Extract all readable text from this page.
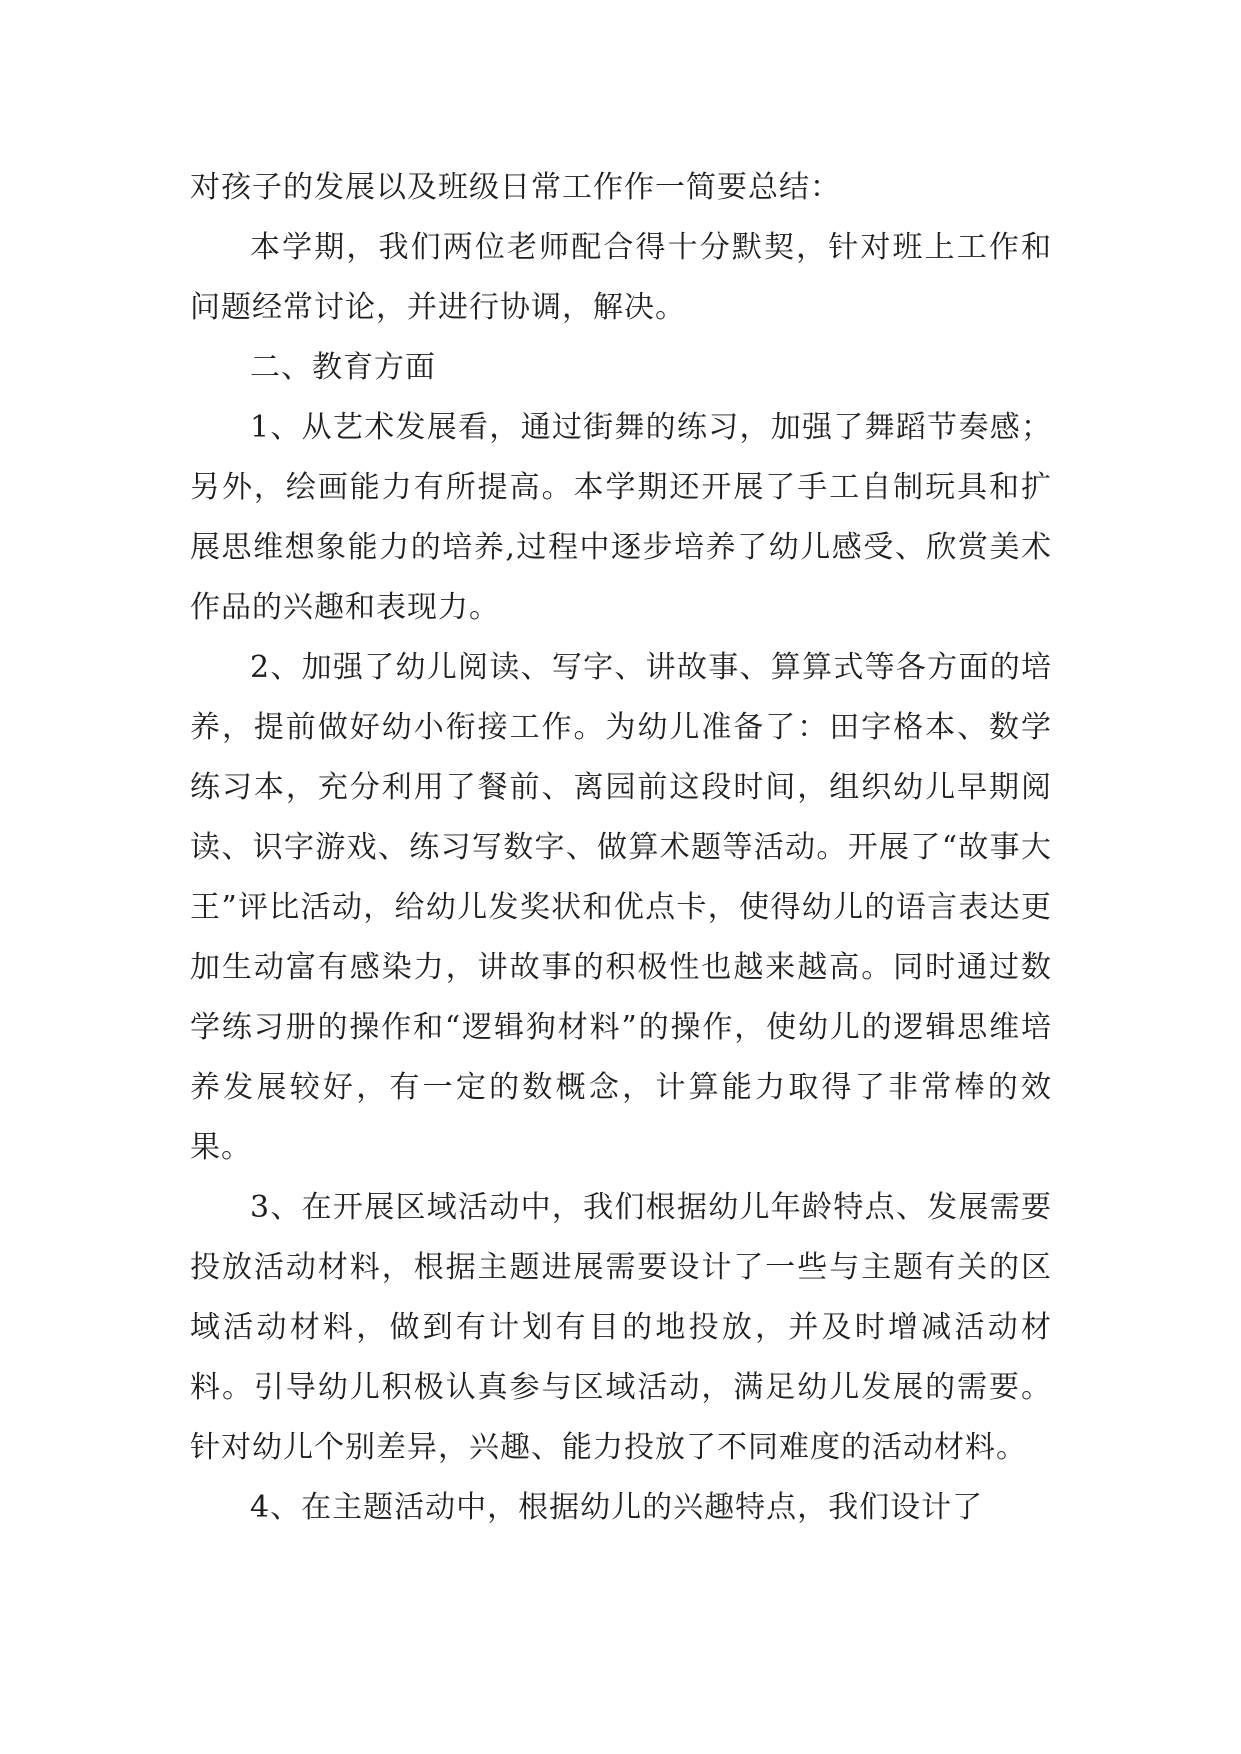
对孩子的发展以及班级日常工作作一简要总结：

本学期，我们两位老师配合得十分默契，针对班上工作和问题经常讨论，并进行协调，解决。

二、教育方面

1、从艺术发展看，通过街舞的练习，加强了舞蹈节奏感；另外，绘画能力有所提高。本学期还开展了手工自制玩具和扩展思维想象能力的培养,过程中逐步培养了幼儿感受、欣赏美术作品的兴趣和表现力。

2、加强了幼儿阅读、写字、讲故事、算算式等各方面的培养，提前做好幼小衔接工作。为幼儿准备了：田字格本、数学练习本，充分利用了餐前、离园前这段时间，组织幼儿早期阅读、识字游戏、练习写数字、做算术题等活动。开展了“故事大王”评比活动，给幼儿发奖状和优点卡，使得幼儿的语言表达更加生动富有感染力，讲故事的积极性也越来越高。同时通过数学练习册的操作和“逻辑狗材料”的操作，使幼儿的逻辑思维培养发展较好，有一定的数概念，计算能力取得了非常棒的效果。

3、在开展区域活动中，我们根据幼儿年龄特点、发展需要投放活动材料，根据主题进展需要设计了一些与主题有关的区域活动材料，做到有计划有目的地投放，并及时增减活动材料。引导幼儿积极认真参与区域活动，满足幼儿发展的需要。针对幼儿个别差异，兴趣、能力投放了不同难度的活动材料。

4、在主题活动中，根据幼儿的兴趣特点，我们设计了
